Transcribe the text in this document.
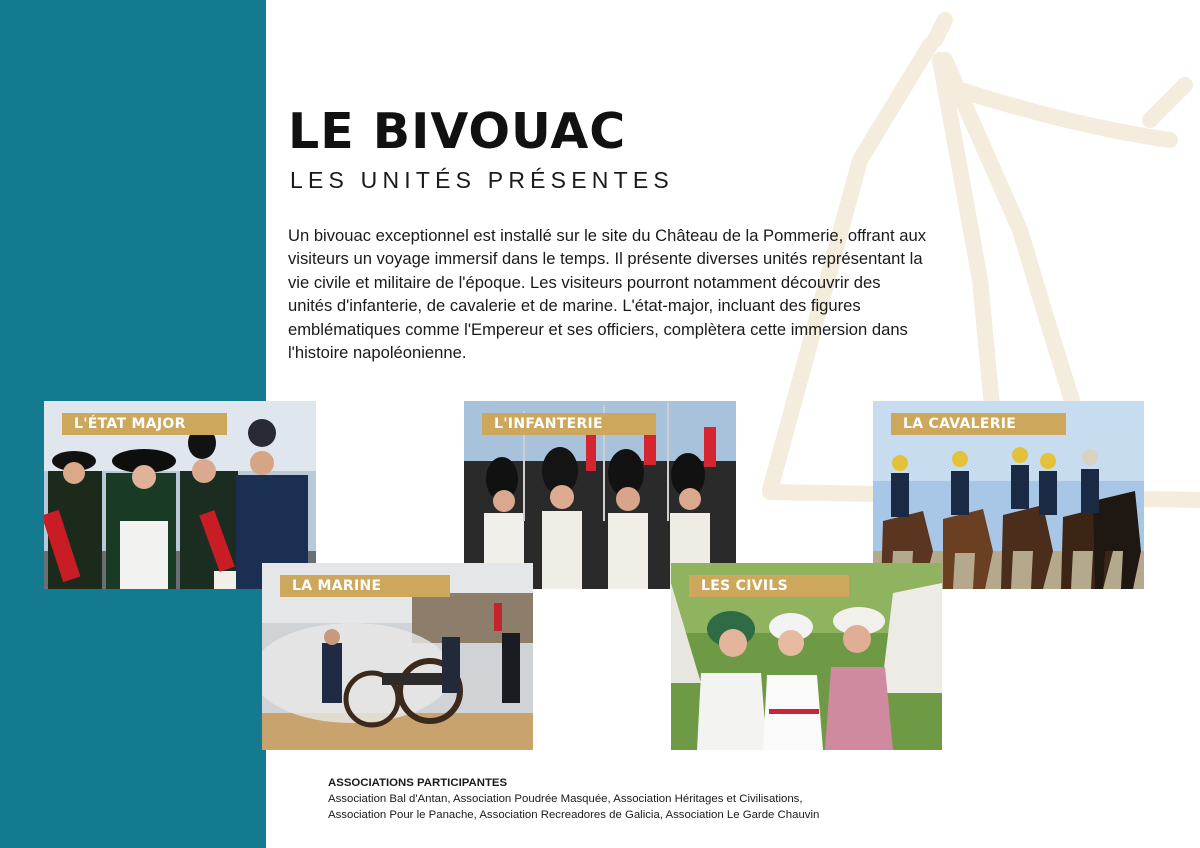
LE BIVOUAC
LES UNITÉS PRÉSENTES

Un bivouac exceptionnel est installé sur le site du Château de la Pommerie, offrant aux visiteurs un voyage immersif dans le temps. Il présente diverses unités représentant la vie civile et militaire de l'époque. Les visiteurs pourront notamment découvrir des unités d'infanterie, de cavalerie et de marine. L'état-major, incluant des figures emblématiques comme l'Empereur et ses officiers, complètera cette immersion dans l'histoire napoléonienne.

L'ÉTAT MAJOR	L'INFANTERIE	LA CAVALERIE
LA MARINE	LES CIVILS
ASSOCIATIONS PARTICIPANTES
Association Bal d'Antan, Association Poudrée Masquée, Association Héritages et Civilisations,
Association Pour le Panache, Association Recreadores de Galicia, Association Le Garde Chauvin
